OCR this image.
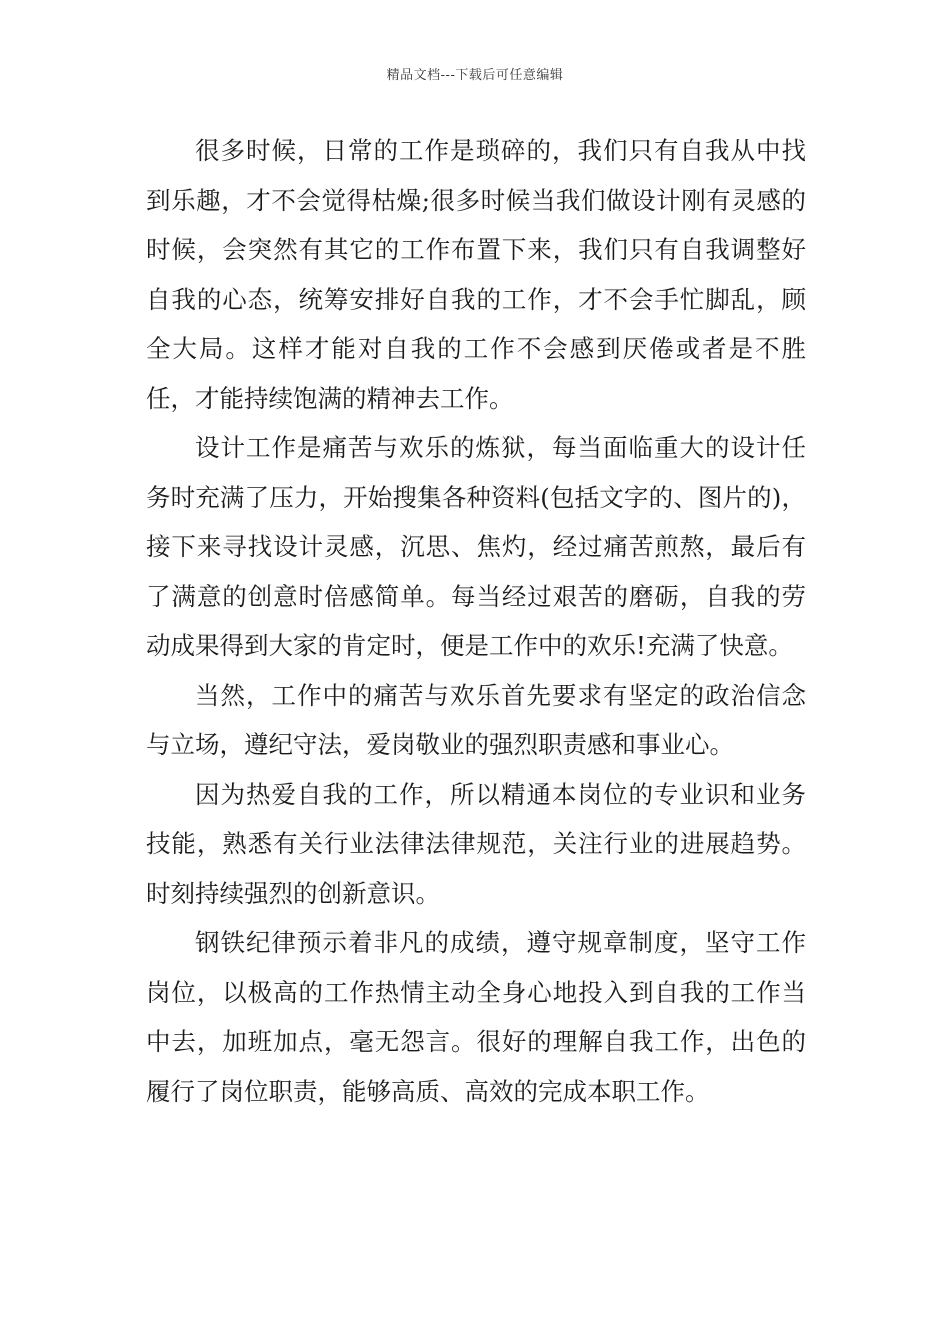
精品文档---下载后可任意编辑

很多时候，日常的工作是琐碎的，我们只有自我从中找到乐趣，才不会觉得枯燥;很多时候当我们做设计刚有灵感的时候，会突然有其它的工作布置下来，我们只有自我调整好自我的心态，统筹安排好自我的工作，才不会手忙脚乱，顾全大局。这样才能对自我的工作不会感到厌倦或者是不胜任，才能持续饱满的精神去工作。

设计工作是痛苦与欢乐的炼狱，每当面临重大的设计任务时充满了压力，开始搜集各种资料(包括文字的、图片的)，接下来寻找设计灵感，沉思、焦灼，经过痛苦煎熬，最后有了满意的创意时倍感简单。每当经过艰苦的磨砺，自我的劳动成果得到大家的肯定时，便是工作中的欢乐!充满了快意。

当然，工作中的痛苦与欢乐首先要求有坚定的政治信念与立场，遵纪守法，爱岗敬业的强烈职责感和事业心。

因为热爱自我的工作，所以精通本岗位的专业识和业务技能，熟悉有关行业法律法律规范，关注行业的进展趋势。时刻持续强烈的创新意识。

钢铁纪律预示着非凡的成绩，遵守规章制度，坚守工作岗位，以极高的工作热情主动全身心地投入到自我的工作当中去，加班加点，毫无怨言。很好的理解自我工作，出色的履行了岗位职责，能够高质、高效的完成本职工作。
